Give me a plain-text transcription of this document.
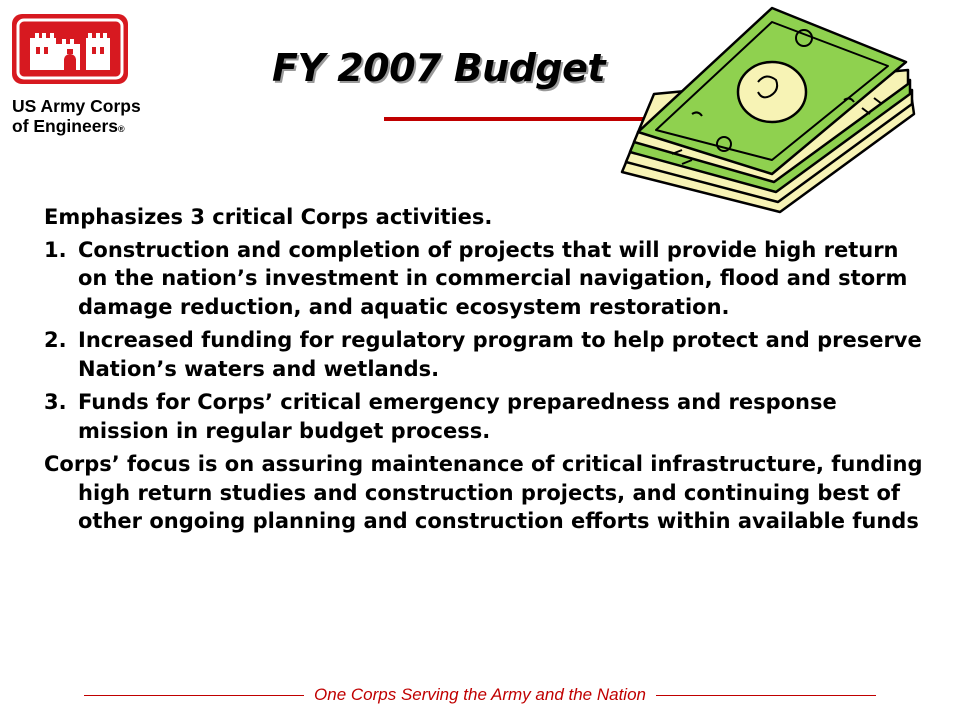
US Army Corps
of Engineers®
FY 2007 Budget

Emphasizes 3 critical Corps activities.

1. Construction and completion of projects that will provide high return on the nation’s investment in commercial navigation, flood and storm damage reduction, and aquatic ecosystem restoration.
2. Increased funding for regulatory program to help protect and preserve Nation’s waters and wetlands.
3. Funds for Corps’ critical emergency preparedness and response mission in regular budget process.

Corps’ focus is on assuring maintenance of critical infrastructure, funding high return studies and construction projects, and continuing best of other ongoing planning and construction efforts within available funds

One Corps Serving the Army and the Nation
